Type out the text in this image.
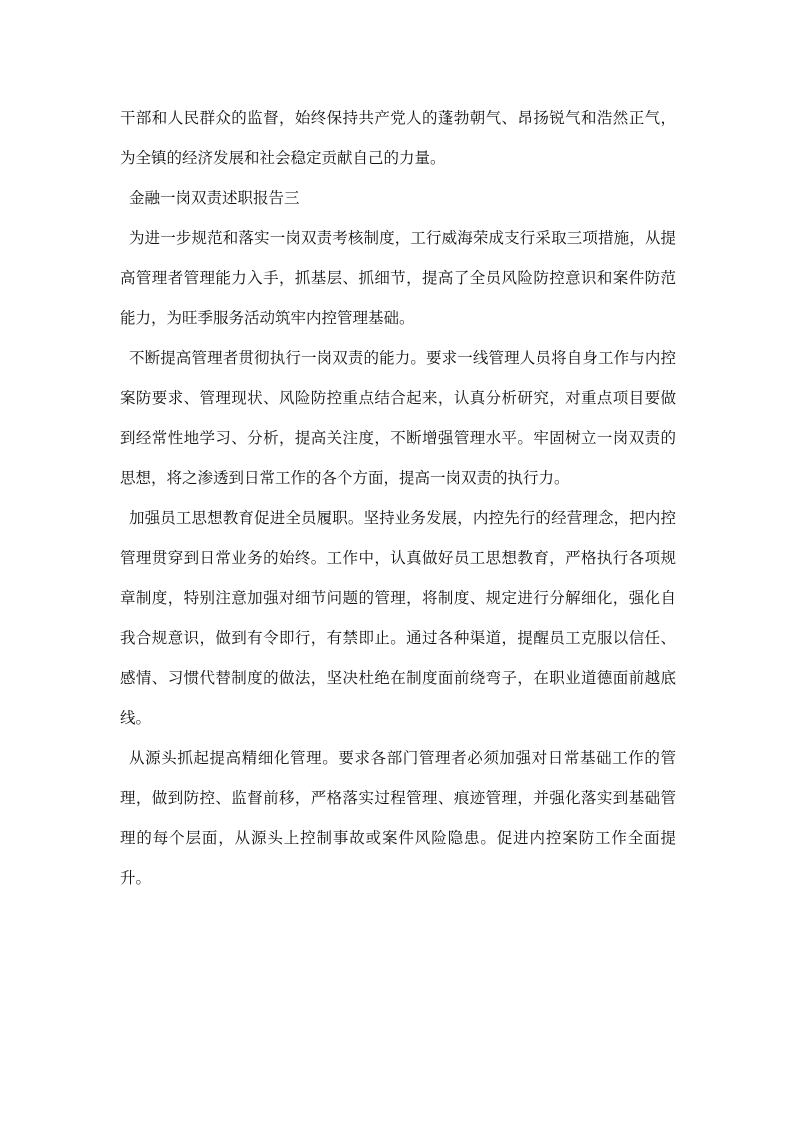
干部和人民群众的监督，始终保持共产党人的蓬勃朝气、昂扬锐气和浩然正气，为全镇的经济发展和社会稳定贡献自己的力量。

金融一岗双责述职报告三

为进一步规范和落实一岗双责考核制度，工行威海荣成支行采取三项措施，从提高管理者管理能力入手，抓基层、抓细节，提高了全员风险防控意识和案件防范能力，为旺季服务活动筑牢内控管理基础。

不断提高管理者贯彻执行一岗双责的能力。要求一线管理人员将自身工作与内控案防要求、管理现状、风险防控重点结合起来，认真分析研究，对重点项目要做到经常性地学习、分析，提高关注度，不断增强管理水平。牢固树立一岗双责的思想，将之渗透到日常工作的各个方面，提高一岗双责的执行力。

加强员工思想教育促进全员履职。坚持业务发展，内控先行的经营理念，把内控管理贯穿到日常业务的始终。工作中，认真做好员工思想教育，严格执行各项规章制度，特别注意加强对细节问题的管理，将制度、规定进行分解细化，强化自我合规意识，做到有令即行，有禁即止。通过各种渠道，提醒员工克服以信任、感情、习惯代替制度的做法，坚决杜绝在制度面前绕弯子，在职业道德面前越底线。

从源头抓起提高精细化管理。要求各部门管理者必须加强对日常基础工作的管理，做到防控、监督前移，严格落实过程管理、痕迹管理，并强化落实到基础管理的每个层面，从源头上控制事故或案件风险隐患。促进内控案防工作全面提升。
